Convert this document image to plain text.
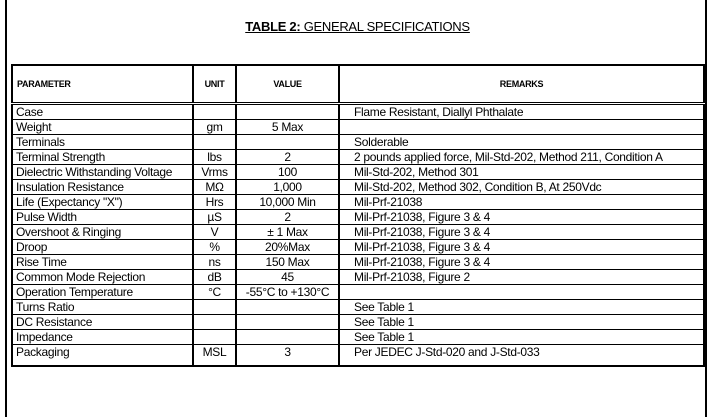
TABLE 2: GENERAL SPECIFICATIONS
PARAMETER	UNIT	VALUE	REMARKS
Case			Flame Resistant, Diallyl Phthalate
Weight	gm	5 Max	
Terminals			Solderable
Terminal Strength	lbs	2	2 pounds applied force, Mil-Std-202, Method 211, Condition A
Dielectric Withstanding Voltage	Vrms	100	Mil-Std-202, Method 301
Insulation Resistance	MΩ	1,000	Mil-Std-202, Method 302, Condition B, At 250Vdc
Life (Expectancy "X")	Hrs	10,000 Min	Mil-Prf-21038
Pulse Width	µS	2	Mil-Prf-21038, Figure 3 & 4
Overshoot & Ringing	V	± 1 Max	Mil-Prf-21038, Figure 3 & 4
Droop	%	20%Max	Mil-Prf-21038, Figure 3 & 4
Rise Time	ns	150 Max	Mil-Prf-21038, Figure 3 & 4
Common Mode Rejection	dB	45	Mil-Prf-21038, Figure 2
Operation Temperature	°C	-55°C to +130°C	
Turns Ratio			See Table 1
DC Resistance			See Table 1
Impedance			See Table 1
Packaging	MSL	3	Per JEDEC J-Std-020 and J-Std-033
